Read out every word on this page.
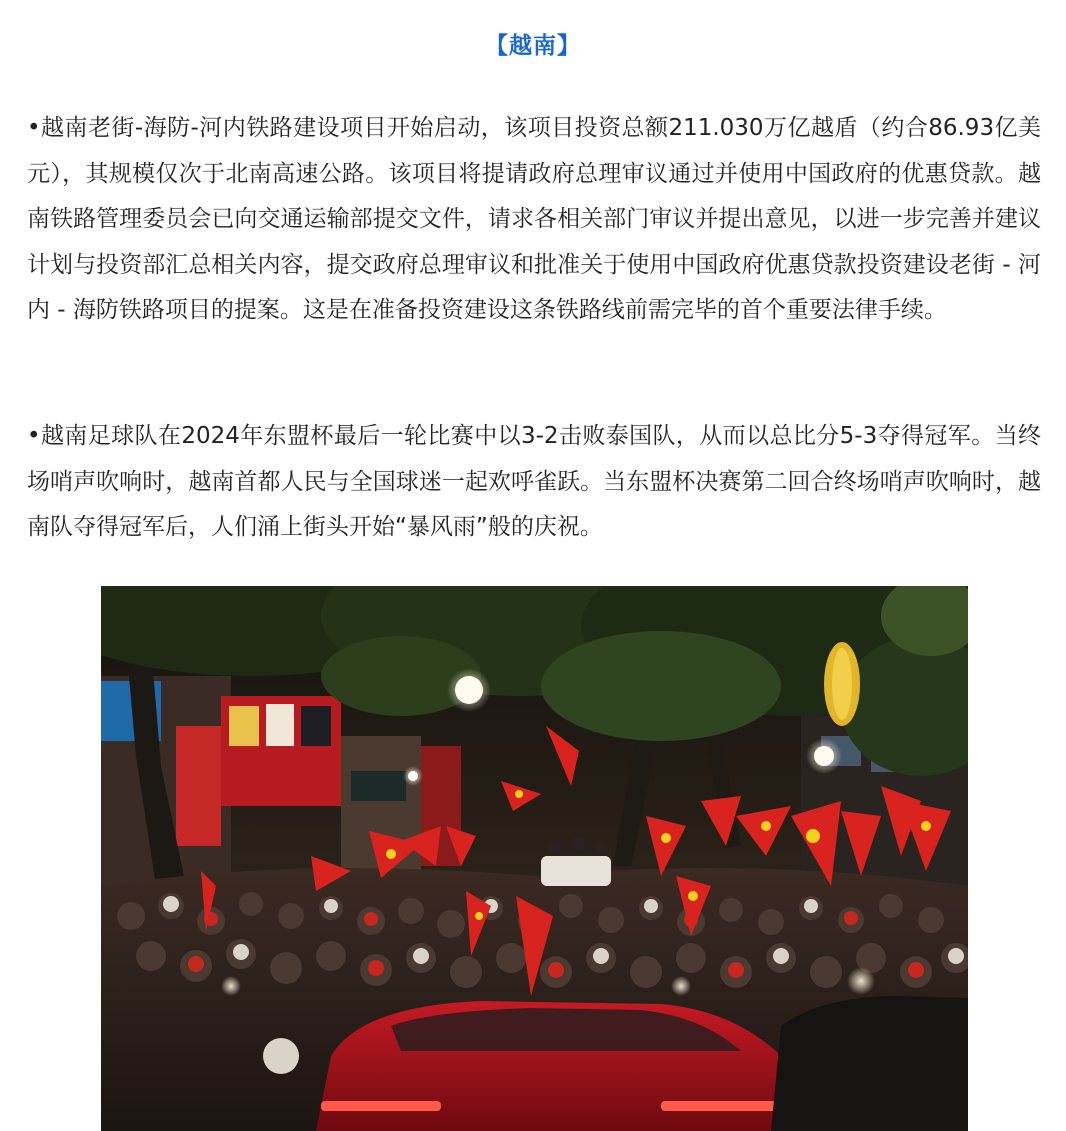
【越南】

•越南老街-海防-河内铁路建设项目开始启动，该项目投资总额211.030万亿越盾（约合86.93亿美元），其规模仅次于北南高速公路。该项目将提请政府总理审议通过并使用中国政府的优惠贷款。越南铁路管理委员会已向交通运输部提交文件，请求各相关部门审议并提出意见，以进一步完善并建议计划与投资部汇总相关内容，提交政府总理审议和批准关于使用中国政府优惠贷款投资建设老街 - 河内 - 海防铁路项目的提案。这是在准备投资建设这条铁路线前需完毕的首个重要法律手续。

•越南足球队在2024年东盟杯最后一轮比赛中以3-2击败泰国队，从而以总比分5-3夺得冠军。当终场哨声吹响时，越南首都人民与全国球迷一起欢呼雀跃。当东盟杯决赛第二回合终场哨声吹响时，越南队夺得冠军后，人们涌上街头开始“暴风雨”般的庆祝。
